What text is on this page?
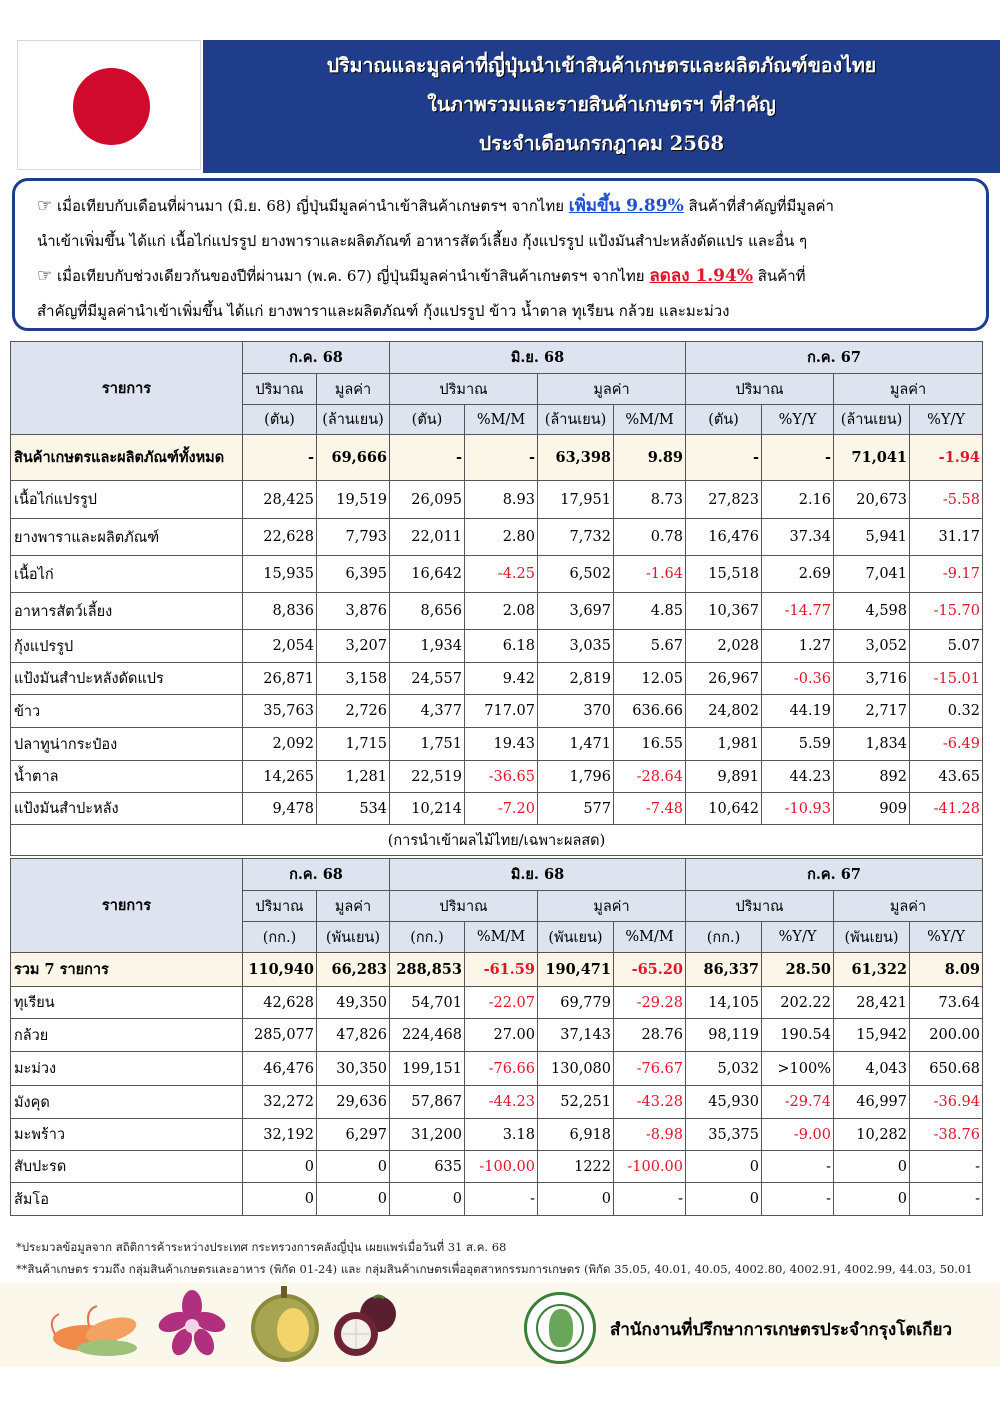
ปริมาณและมูลค่าที่ญี่ปุ่นนำเข้าสินค้าเกษตรและผลิตภัณฑ์ของไทย
ในภาพรวมและรายสินค้าเกษตรฯ ที่สำคัญ
ประจำเดือนกรกฎาคม 2568

☞ เมื่อเทียบกับเดือนที่ผ่านมา (มิ.ย. 68) ญี่ปุ่นมีมูลค่านำเข้าสินค้าเกษตรฯ จากไทย เพิ่มขึ้น 9.89% สินค้าที่สำคัญที่มีมูลค่า

นำเข้าเพิ่มขึ้น ได้แก่ เนื้อไก่แปรรูป ยางพาราและผลิตภัณฑ์ อาหารสัตว์เลี้ยง กุ้งแปรรูป แป้งมันสำปะหลังดัดแปร และอื่น ๆ

☞ เมื่อเทียบกับช่วงเดียวกันของปีที่ผ่านมา (พ.ค. 67) ญี่ปุ่นมีมูลค่านำเข้าสินค้าเกษตรฯ จากไทย ลดลง 1.94% สินค้าที่

สำคัญที่มีมูลค่านำเข้าเพิ่มขึ้น ได้แก่ ยางพาราและผลิตภัณฑ์ กุ้งแปรรูป ข้าว น้ำตาล ทุเรียน กล้วย และมะม่วง

รายการ	ก.ค. 68		มิ.ย. 68				ก.ค. 67			
	ปริมาณ	มูลค่า	ปริมาณ		มูลค่า		ปริมาณ		มูลค่า	
	(ตัน)	(ล้านเยน)	(ตัน)	%M/M	(ล้านเยน)	%M/M	(ตัน)	%Y/Y	(ล้านเยน)	%Y/Y
สินค้าเกษตรและผลิตภัณฑ์ทั้งหมด	-	69,666	-	-	63,398	9.89	-	-	71,041	-1.94
เนื้อไก่แปรรูป	28,425	19,519	26,095	8.93	17,951	8.73	27,823	2.16	20,673	-5.58
ยางพาราและผลิตภัณฑ์	22,628	7,793	22,011	2.80	7,732	0.78	16,476	37.34	5,941	31.17
เนื้อไก่	15,935	6,395	16,642	-4.25	6,502	-1.64	15,518	2.69	7,041	-9.17
อาหารสัตว์เลี้ยง	8,836	3,876	8,656	2.08	3,697	4.85	10,367	-14.77	4,598	-15.70
กุ้งแปรรูป	2,054	3,207	1,934	6.18	3,035	5.67	2,028	1.27	3,052	5.07
แป้งมันสำปะหลังดัดแปร	26,871	3,158	24,557	9.42	2,819	12.05	26,967	-0.36	3,716	-15.01
ข้าว	35,763	2,726	4,377	717.07	370	636.66	24,802	44.19	2,717	0.32
ปลาทูน่ากระป๋อง	2,092	1,715	1,751	19.43	1,471	16.55	1,981	5.59	1,834	-6.49
น้ำตาล	14,265	1,281	22,519	-36.65	1,796	-28.64	9,891	44.23	892	43.65
แป้งมันสำปะหลัง	9,478	534	10,214	-7.20	577	-7.48	10,642	-10.93	909	-41.28
(การนำเข้าผลไม้ไทย/เฉพาะผลสด)										
รายการ	ก.ค. 68		มิ.ย. 68				ก.ค. 67			
	ปริมาณ	มูลค่า	ปริมาณ		มูลค่า		ปริมาณ		มูลค่า	
	(กก.)	(พันเยน)	(กก.)	%M/M	(พันเยน)	%M/M	(กก.)	%Y/Y	(พันเยน)	%Y/Y
รวม 7 รายการ	110,940	66,283	288,853	-61.59	190,471	-65.20	86,337	28.50	61,322	8.09
ทุเรียน	42,628	49,350	54,701	-22.07	69,779	-29.28	14,105	202.22	28,421	73.64
กล้วย	285,077	47,826	224,468	27.00	37,143	28.76	98,119	190.54	15,942	200.00
มะม่วง	46,476	30,350	199,151	-76.66	130,080	-76.67	5,032	>100%	4,043	650.68
มังคุด	32,272	29,636	57,867	-44.23	52,251	-43.28	45,930	-29.74	46,997	-36.94
มะพร้าว	32,192	6,297	31,200	3.18	6,918	-8.98	35,375	-9.00	10,282	-38.76
สับปะรด	0	0	635	-100.00	1222	-100.00	0	-	0	-
ส้มโอ	0	0	0	-	0	-	0	-	0	-
*ประมวลข้อมูลจาก สถิติการค้าระหว่างประเทศ กระทรวงการคลังญี่ปุ่น เผยแพร่เมื่อวันที่ 31 ส.ค. 68
**สินค้าเกษตร รวมถึง กลุ่มสินค้าเกษตรและอาหาร (พิกัด 01-24) และ กลุ่มสินค้าเกษตรเพื่ออุตสาหกรรมการเกษตร (พิกัด 35.05, 40.01, 40.05, 4002.80, 4002.91, 4002.99, 44.03, 50.01
สำนักงานที่ปรึกษาการเกษตรประจำกรุงโตเกียว
